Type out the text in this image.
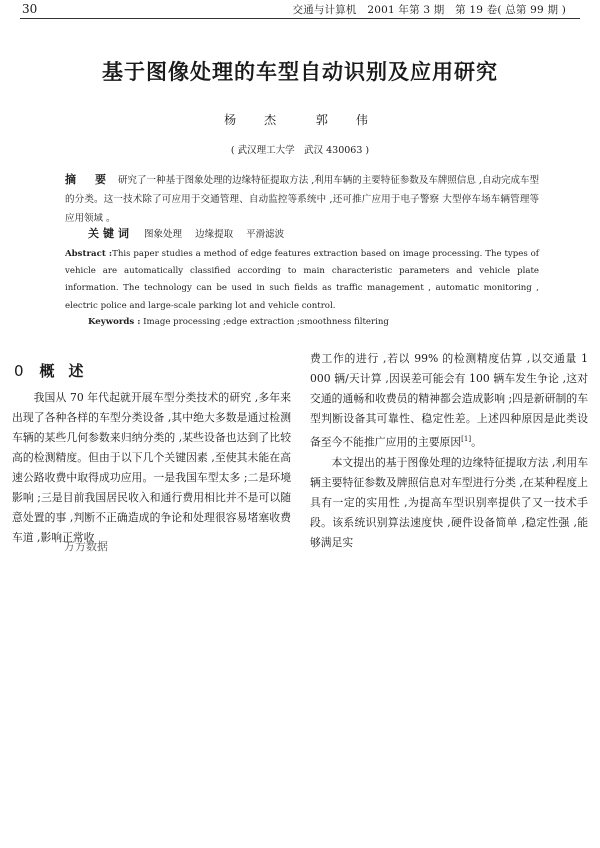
30	交通与计算机　2001 年第 3 期　第 19 卷( 总第 99 期 )
基于图像处理的车型自动识别及应用研究
杨　杰	郭　伟
( 武汉理工大学　武汉 430063 )

摘　要 研究了一种基于图象处理的边缘特征提取方法 ,利用车辆的主要特征参数及车牌照信息 ,自动完成车型的分类。这一技术除了可应用于交通管理、自动监控等系统中 ,还可推广应用于电子警察 大型停车场车辆管理等应用领域 。

关键词 图象处理 边缘提取 平滑滤波

Abstract :This paper studies a method of edge features extraction based on image processing. The types of vehicle are automatically classified according to main characteristic parameters and vehicle plate information. The technology can be used in such fields as traffic management , automatic monitoring , electric police and large-scale parking lot and vehicle control.

Keywords : Image processing ;edge extraction ;smoothness filtering
0 概述

我国从 70 年代起就开展车型分类技术的研究 ,多年来出现了各种各样的车型分类设备 ,其中绝大多数是通过检测车辆的某些几何参数来归纳分类的 ,某些设备也达到了比较高的检测精度。但由于以下几个关键因素 ,至使其未能在高速公路收费中取得成功应用。一是我国车型太多 ;二是环境影响 ;三是目前我国居民收入和通行费用相比并不是可以随意处置的事 ,判断不正确造成的争论和处理很容易堵塞收费车道 ,影响正常收

费工作的进行 ,若以 99% 的检测精度估算 ,以交通量 1 000 辆/天计算 ,因误差可能会有 100 辆车发生争论 ,这对交通的通畅和收费员的精神都会造成影响 ;四是新研制的车型判断设备其可靠性、稳定性差。上述四种原因是此类设备至今不能推广应用的主要原因[1]。

本文提出的基于图像处理的边缘特征提取方法 ,利用车辆主要特征参数及牌照信息对车型进行分类 ,在某种程度上具有一定的实用性 ,为提高车型识别率提供了又一技术手段。该系统识别算法速度快 ,硬件设备简单 ,稳定性强 ,能够满足实

万方数据
